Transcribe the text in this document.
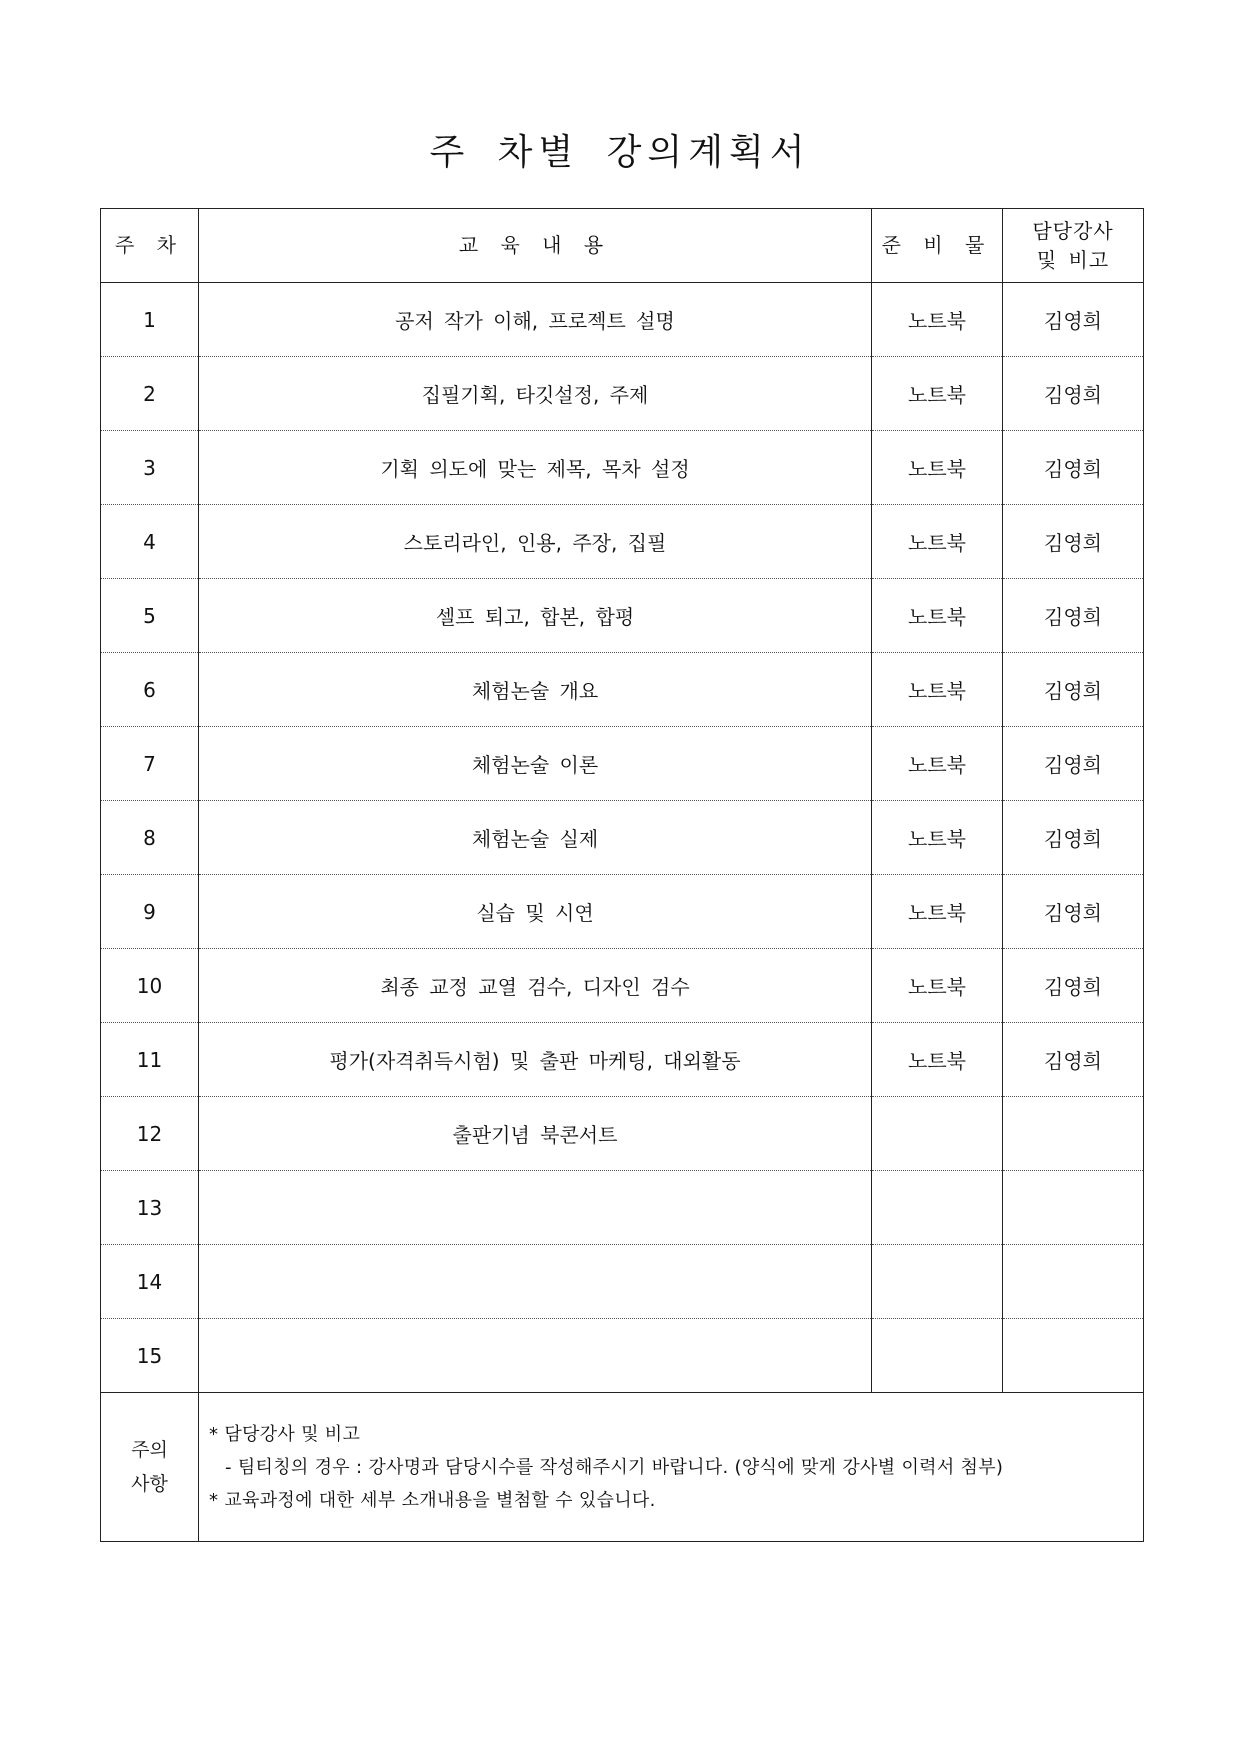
주 차별 강의계획서
주 차	교 육 내 용	준 비 물	담당강사
및 비고

1	공저 작가 이해, 프로젝트 설명	노트북	김영희
2	집필기획, 타깃설정, 주제	노트북	김영희
3	기획 의도에 맞는 제목, 목차 설정	노트북	김영희
4	스토리라인, 인용, 주장, 집필	노트북	김영희
5	셀프 퇴고, 합본, 합평	노트북	김영희
6	체험논술 개요	노트북	김영희
7	체험논술 이론	노트북	김영희
8	체험논술 실제	노트북	김영희
9	실습 및 시연	노트북	김영희
10	최종 교정 교열 검수, 디자인 검수	노트북	김영희
11	평가(자격취득시험) 및 출판 마케팅, 대외활동	노트북	김영희
12	출판기념 북콘서트		
13			
14			
15			

주의
사항	* 담당강사 및 비고
- 팀티칭의 경우 : 강사명과 담당시수를 작성해주시기 바랍니다. (양식에 맞게 강사별 이력서 첨부)
* 교육과정에 대한 세부 소개내용을 별첨할 수 있습니다.		
